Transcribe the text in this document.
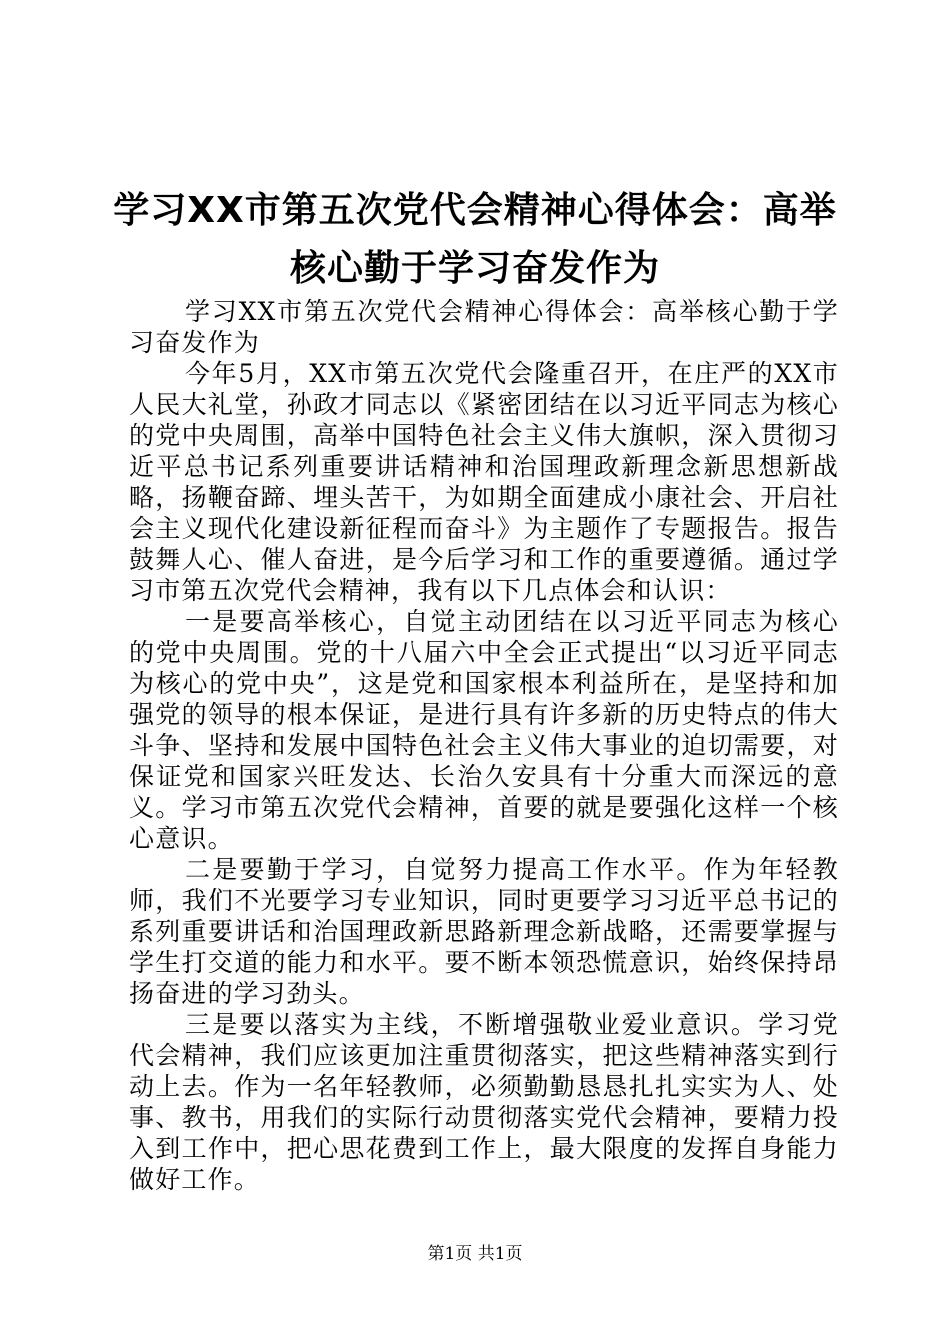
学习XX市第五次党代会精神心得体会：高举
核心勤于学习奋发作为

学习XX市第五次党代会精神心得体会：高举核心勤于学习奋发作为

今年5月，XX市第五次党代会隆重召开，在庄严的XX市人民大礼堂，孙政才同志以《紧密团结在以习近平同志为核心的党中央周围，高举中国特色社会主义伟大旗帜，深入贯彻习近平总书记系列重要讲话精神和治国理政新理念新思想新战略，扬鞭奋蹄、埋头苦干，为如期全面建成小康社会、开启社会主义现代化建设新征程而奋斗》为主题作了专题报告。报告鼓舞人心、催人奋进，是今后学习和工作的重要遵循。通过学习市第五次党代会精神，我有以下几点体会和认识：

一是要高举核心，自觉主动团结在以习近平同志为核心的党中央周围。党的十八届六中全会正式提出“以习近平同志为核心的党中央”，这是党和国家根本利益所在，是坚持和加强党的领导的根本保证，是进行具有许多新的历史特点的伟大斗争、坚持和发展中国特色社会主义伟大事业的迫切需要，对保证党和国家兴旺发达、长治久安具有十分重大而深远的意义。学习市第五次党代会精神，首要的就是要强化这样一个核心意识。

二是要勤于学习，自觉努力提高工作水平。作为年轻教师，我们不光要学习专业知识，同时更要学习习近平总书记的系列重要讲话和治国理政新思路新理念新战略，还需要掌握与学生打交道的能力和水平。要不断本领恐慌意识，始终保持昂扬奋进的学习劲头。

三是要以落实为主线，不断增强敬业爱业意识。学习党代会精神，我们应该更加注重贯彻落实，把这些精神落实到行动上去。作为一名年轻教师，必须勤勤恳恳扎扎实实为人、处事、教书，用我们的实际行动贯彻落实党代会精神，要精力投入到工作中，把心思花费到工作上，最大限度的发挥自身能力做好工作。

第1页 共1页
